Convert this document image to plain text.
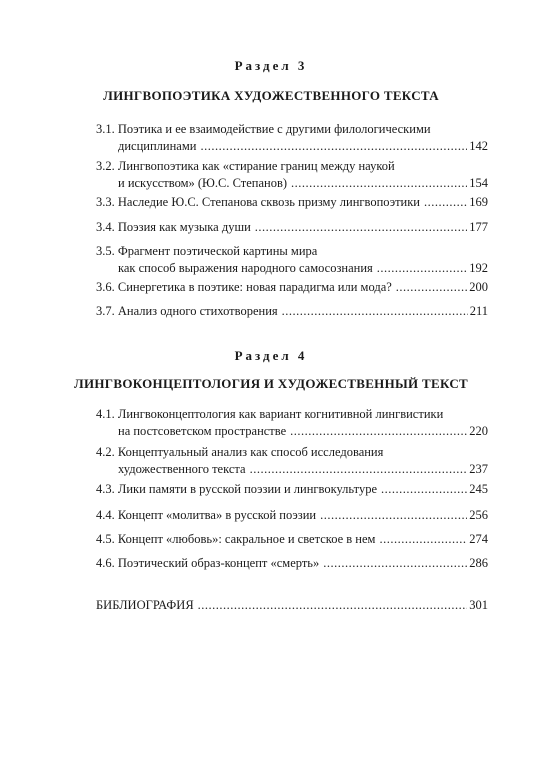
Раздел 3
ЛИНГВОПОЭТИКА ХУДОЖЕСТВЕННОГО ТЕКСТА
3.1. Поэтика и ее взаимодействие с другими филологическими
дисциплинами .....	142
3.2. Лингвопоэтика как «стирание границ между наукой
и искусством» (Ю.С. Степанов) .....	154
3.3. Наследие Ю.С. Степанова сквозь призму лингвопоэтики .....	169
3.4. Поэзия как музыка души .....	177
3.5. Фрагмент поэтической картины мира
как способ выражения народного самосознания .....	192
3.6. Синергетика в поэтике: новая парадигма или мода? .....	200
3.7. Анализ одного стихотворения .....	211
Раздел 4
ЛИНГВОКОНЦЕПТОЛОГИЯ И ХУДОЖЕСТВЕННЫЙ ТЕКСТ
4.1. Лингвоконцептология как вариант когнитивной лингвистики
на постсоветском пространстве .....	220
4.2. Концептуальный анализ как способ исследования
художественного текста .....	237
4.3. Лики памяти в русской поэзии и лингвокультуре .....	245
4.4. Концепт «молитва» в русской поэзии .....	256
4.5. Концепт «любовь»: сакральное и светское в нем .....	274
4.6. Поэтический образ-концепт «смерть» .....	286
БИБЛИОГРАФИЯ .....	301
